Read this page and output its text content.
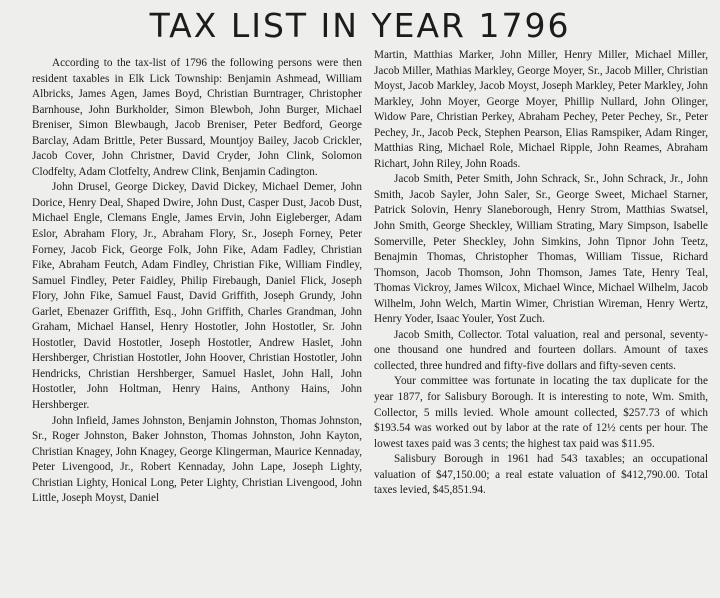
TAX LIST IN YEAR 1796

According to the tax-list of 1796 the following persons were then resident taxables in Elk Lick Township: Benjamin Ashmead, William Albricks, James Agen, James Boyd, Christian Burntrager, Christopher Barnhouse, John Burkholder, Simon Blewboh, John Burger, Michael Breniser, Simon Blewbaugh, Jacob Breniser, Peter Bedford, George Barclay, Adam Brittle, Peter Bussard, Mountjoy Bailey, Jacob Crickler, Jacob Cover, John Christner, David Cryder, John Clink, Solomon Clodfelty, Adam Clotfelty, Andrew Clink, Benjamin Cadington.

John Drusel, George Dickey, David Dickey, Michael Demer, John Dorice, Henry Deal, Shaped Dwire, John Dust, Casper Dust, Jacob Dust, Michael Engle, Clemans Engle, James Ervin, John Eigleberger, Adam Eslor, Abraham Flory, Jr., Abraham Flory, Sr., Joseph Forney, Peter Forney, Jacob Fick, George Folk, John Fike, Adam Fadley, Christian Fike, Abraham Feutch, Adam Findley, Christian Fike, William Findley, Samuel Findley, Peter Faidley, Philip Firebaugh, Daniel Flick, Joseph Flory, John Fike, Samuel Faust, David Griffith, Joseph Grundy, John Garlet, Ebenazer Griffith, Esq., John Griffith, Charles Grandman, John Graham, Michael Hansel, Henry Hostotler, John Hostotler, Sr. John Hostotler, David Hostotler, Joseph Hostotler, Andrew Haslet, John Hershberger, Christian Hostotler, John Hoover, Christian Hostotler, John Hendricks, Christian Hershberger, Samuel Haslet, John Hall, John Hostotler, John Holtman, Henry Hains, Anthony Hains, John Hershberger.

John Infield, James Johnston, Benjamin Johnston, Thomas Johnston, Sr., Roger Johnston, Baker Johnston, Thomas Johnston, John Kayton, Christian Knagey, John Knagey, George Klingerman, Maurice Kennaday, Peter Livengood, Jr., Robert Kennaday, John Lape, Joseph Lighty, Christian Lighty, Honical Long, Peter Lighty, Christian Livengood, John Little, Joseph Moyst, Daniel

Martin, Matthias Marker, John Miller, Henry Miller, Michael Miller, Jacob Miller, Mathias Markley, George Moyer, Sr., Jacob Miller, Christian Moyst, Jacob Markley, Jacob Moyst, Joseph Markley, Peter Markley, John Markley, John Moyer, George Moyer, Phillip Nullard, John Olinger, Widow Pare, Christian Perkey, Abraham Pechey, Peter Pechey, Sr., Peter Pechey, Jr., Jacob Peck, Stephen Pearson, Elias Ramspiker, Adam Ringer, Matthias Ring, Michael Role, Michael Ripple, John Reames, Abraham Richart, John Riley, John Roads.

Jacob Smith, Peter Smith, John Schrack, Sr., John Schrack, Jr., John Smith, Jacob Sayler, John Saler, Sr., George Sweet, Michael Starner, Patrick Solovin, Henry Slaneborough, Henry Strom, Matthias Swatsel, John Smith, George Sheckley, William Strating, Mary Simpson, Isabelle Somerville, Peter Sheckley, John Simkins, John Tipnor John Teetz, Benajmin Thomas, Christopher Thomas, William Tissue, Richard Thomson, Jacob Thomson, John Thomson, James Tate, Henry Teal, Thomas Vickroy, James Wilcox, Michael Wince, Michael Wilhelm, Jacob Wilhelm, John Welch, Martin Wimer, Christian Wireman, Henry Wertz, Henry Yoder, Isaac Youler, Yost Zuch.

Jacob Smith, Collector. Total valuation, real and personal, seventy-one thousand one hundred and fourteen dollars. Amount of taxes collected, three hundred and fifty-five dollars and fifty-seven cents.

Your committee was fortunate in locating the tax duplicate for the year 1877, for Salisbury Borough. It is interesting to note, Wm. Smith, Collector, 5 mills levied. Whole amount collected, $257.73 of which $193.54 was worked out by labor at the rate of 12½ cents per hour. The lowest taxes paid was 3 cents; the highest tax paid was $11.95.

Salisbury Borough in 1961 had 543 taxables; an occupational valuation of $47,150.00; a real estate valuation of $412,790.00. Total taxes levied, $45,851.94.
